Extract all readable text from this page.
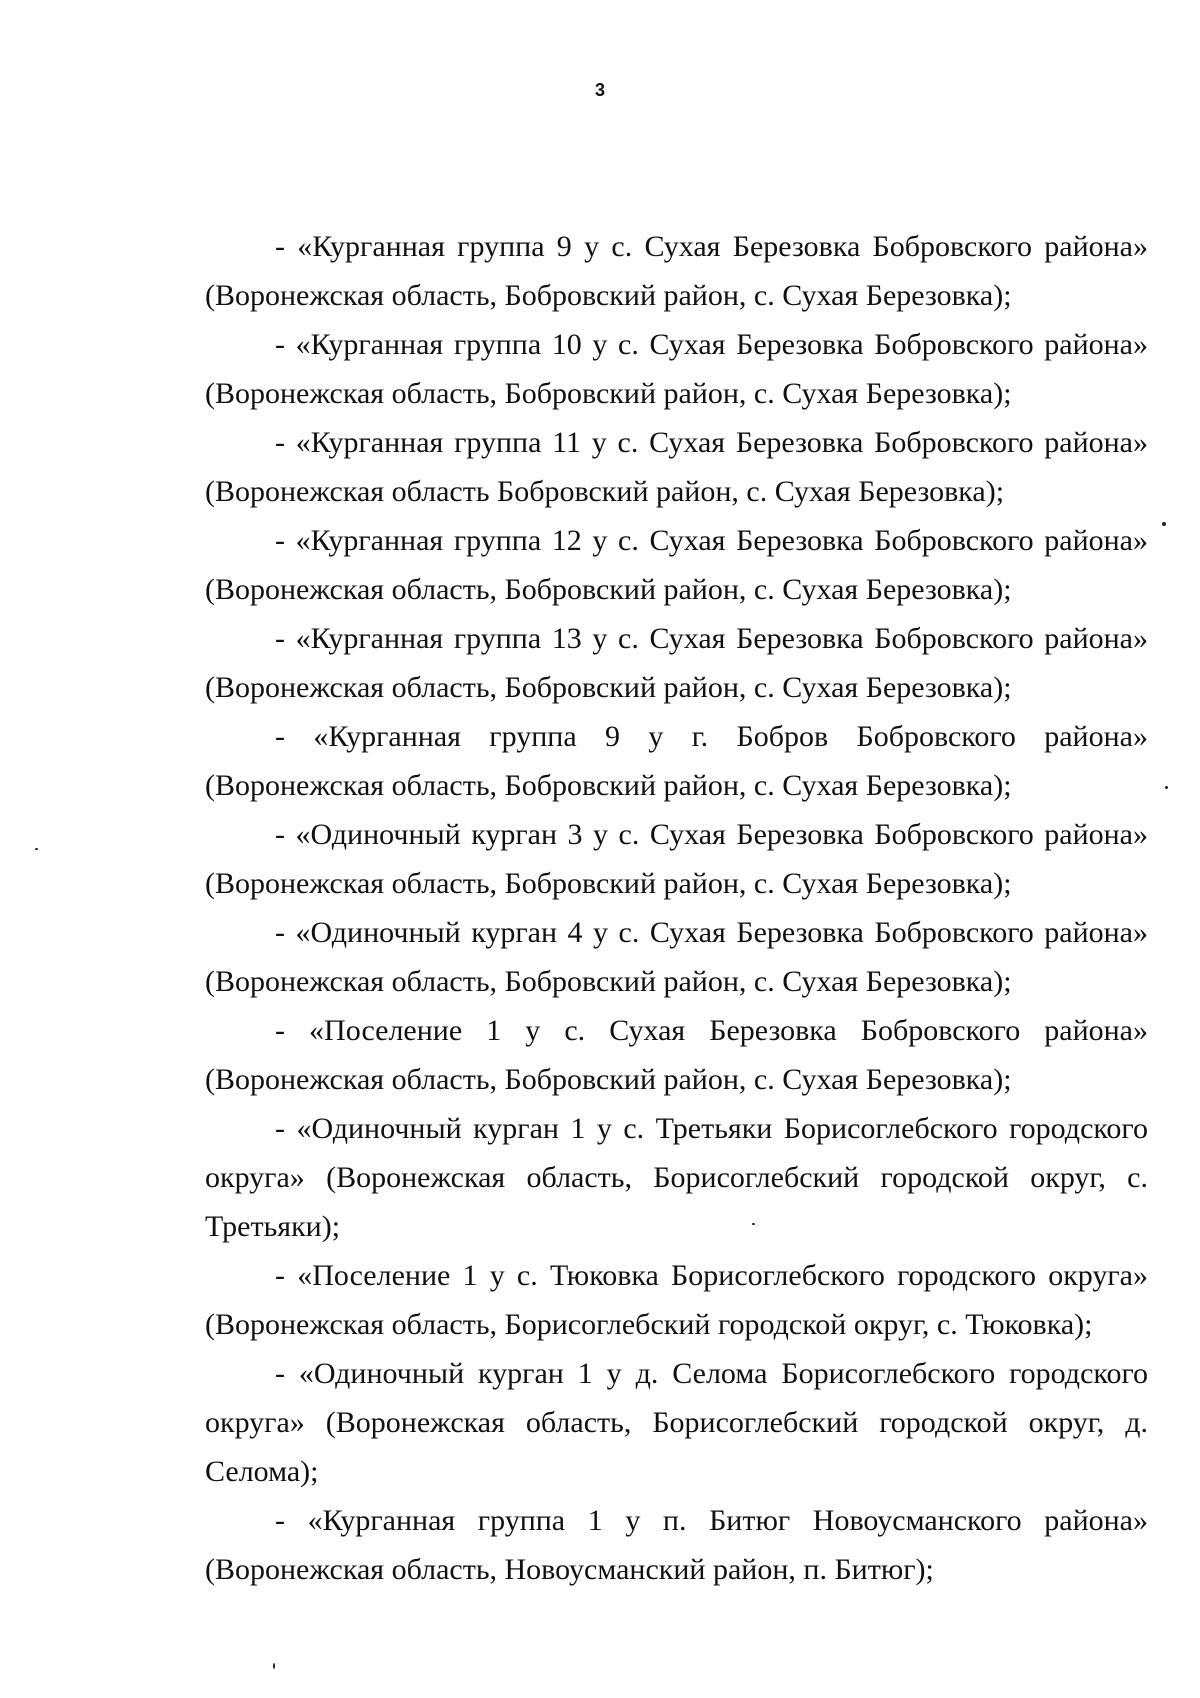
3

- «Курганная группа 9 у с. Сухая Березовка Бобровского района» (Воронежская область, Бобровский район, с. Сухая Березовка);

- «Курганная группа 10 у с. Сухая Березовка Бобровского района» (Воронежская область, Бобровский район, с. Сухая Березовка);

- «Курганная группа 11 у с. Сухая Березовка Бобровского района» (Воронежская область Бобровский район, с. Сухая Березовка);

- «Курганная группа 12 у с. Сухая Березовка Бобровского района» (Воронежская область, Бобровский район, с. Сухая Березовка);

- «Курганная группа 13 у с. Сухая Березовка Бобровского района» (Воронежская область, Бобровский район, с. Сухая Березовка);

- «Курганная группа 9 у г. Бобров Бобровского района» (Воронежская область, Бобровский район, с. Сухая Березовка);

- «Одиночный курган 3 у с. Сухая Березовка Бобровского района» (Воронежская область, Бобровский район, с. Сухая Березовка);

- «Одиночный курган 4 у с. Сухая Березовка Бобровского района» (Воронежская область, Бобровский район, с. Сухая Березовка);

- «Поселение 1 у с. Сухая Березовка Бобровского района» (Воронежская область, Бобровский район, с. Сухая Березовка);

- «Одиночный курган 1 у с. Третьяки Борисоглебского городского округа» (Воронежская область, Борисоглебский городской округ, с. Третьяки);

- «Поселение 1 у с. Тюковка Борисоглебского городского округа» (Воронежская область, Борисоглебский городской округ, с. Тюковка);

- «Одиночный курган 1 у д. Селома Борисоглебского городского округа» (Воронежская область, Борисоглебский городской округ, д. Селома);

- «Курганная группа 1 у п. Битюг Новоусманского района» (Воронежская область, Новоусманский район, п. Битюг);
